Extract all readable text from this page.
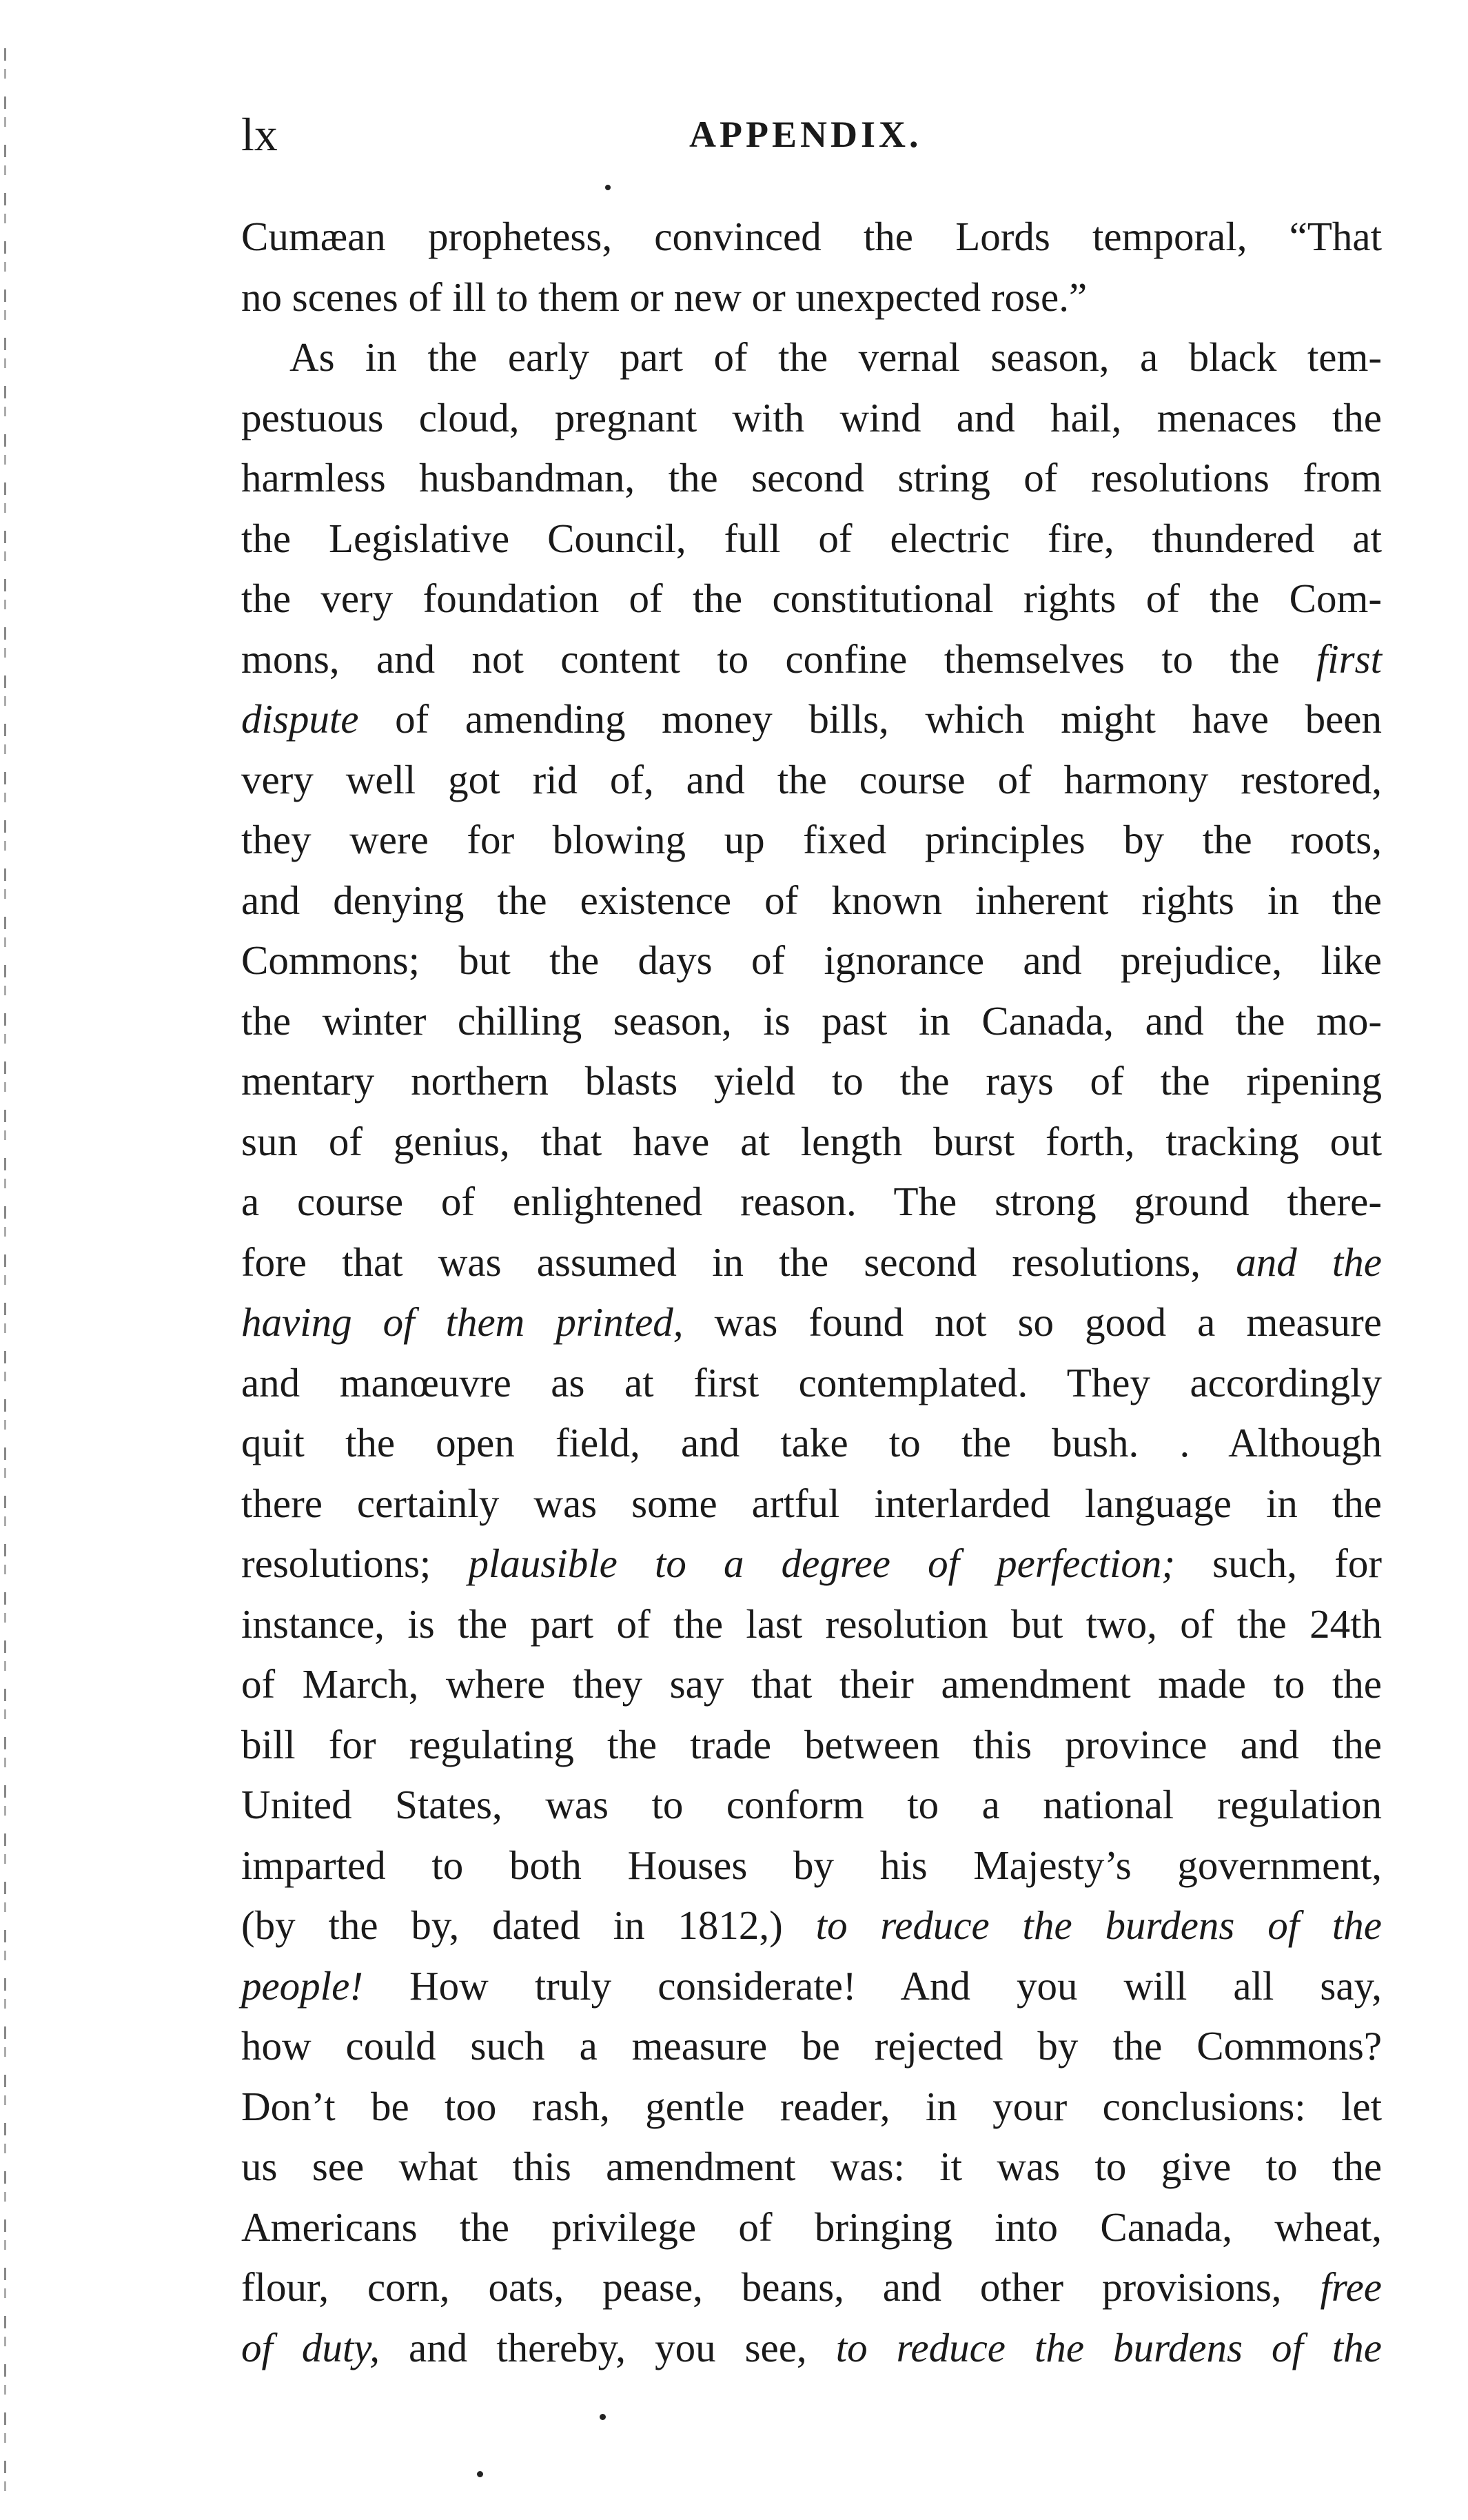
lx	APPENDIX.
Cumæan prophetess, convinced the Lords temporal, “That
no scenes of ill to them or new or unexpected rose.”
As in the early part of the vernal season, a black tem-
pestuous cloud, pregnant with wind and hail, menaces the
harmless husbandman, the second string of resolutions from
the Legislative Council, full of electric fire, thundered at
the very foundation of the constitutional rights of the Com-
mons, and not content to confine themselves to the first
dispute of amending money bills, which might have been
very well got rid of, and the course of harmony restored,
they were for blowing up fixed principles by the roots,
and denying the existence of known inherent rights in the
Commons; but the days of ignorance and prejudice, like
the winter chilling season, is past in Canada, and the mo-
mentary northern blasts yield to the rays of the ripening
sun of genius, that have at length burst forth, tracking out
a course of enlightened reason. The strong ground there-
fore that was assumed in the second resolutions, and the
having of them printed, was found not so good a measure
and manœuvre as at first contemplated. They accordingly
quit the open field, and take to the bush. . Although
there certainly was some artful interlarded language in the
resolutions; plausible to a degree of perfection; such, for
instance, is the part of the last resolution but two, of the 24th
of March, where they say that their amendment made to the
bill for regulating the trade between this province and the
United States, was to conform to a national regulation
imparted to both Houses by his Majesty’s government,
(by the by, dated in 1812,) to reduce the burdens of the
people! How truly considerate! And you will all say,
how could such a measure be rejected by the Commons?
Don’t be too rash, gentle reader, in your conclusions: let
us see what this amendment was: it was to give to the
Americans the privilege of bringing into Canada, wheat,
flour, corn, oats, pease, beans, and other provisions, free
of duty, and thereby, you see, to reduce the burdens of the
